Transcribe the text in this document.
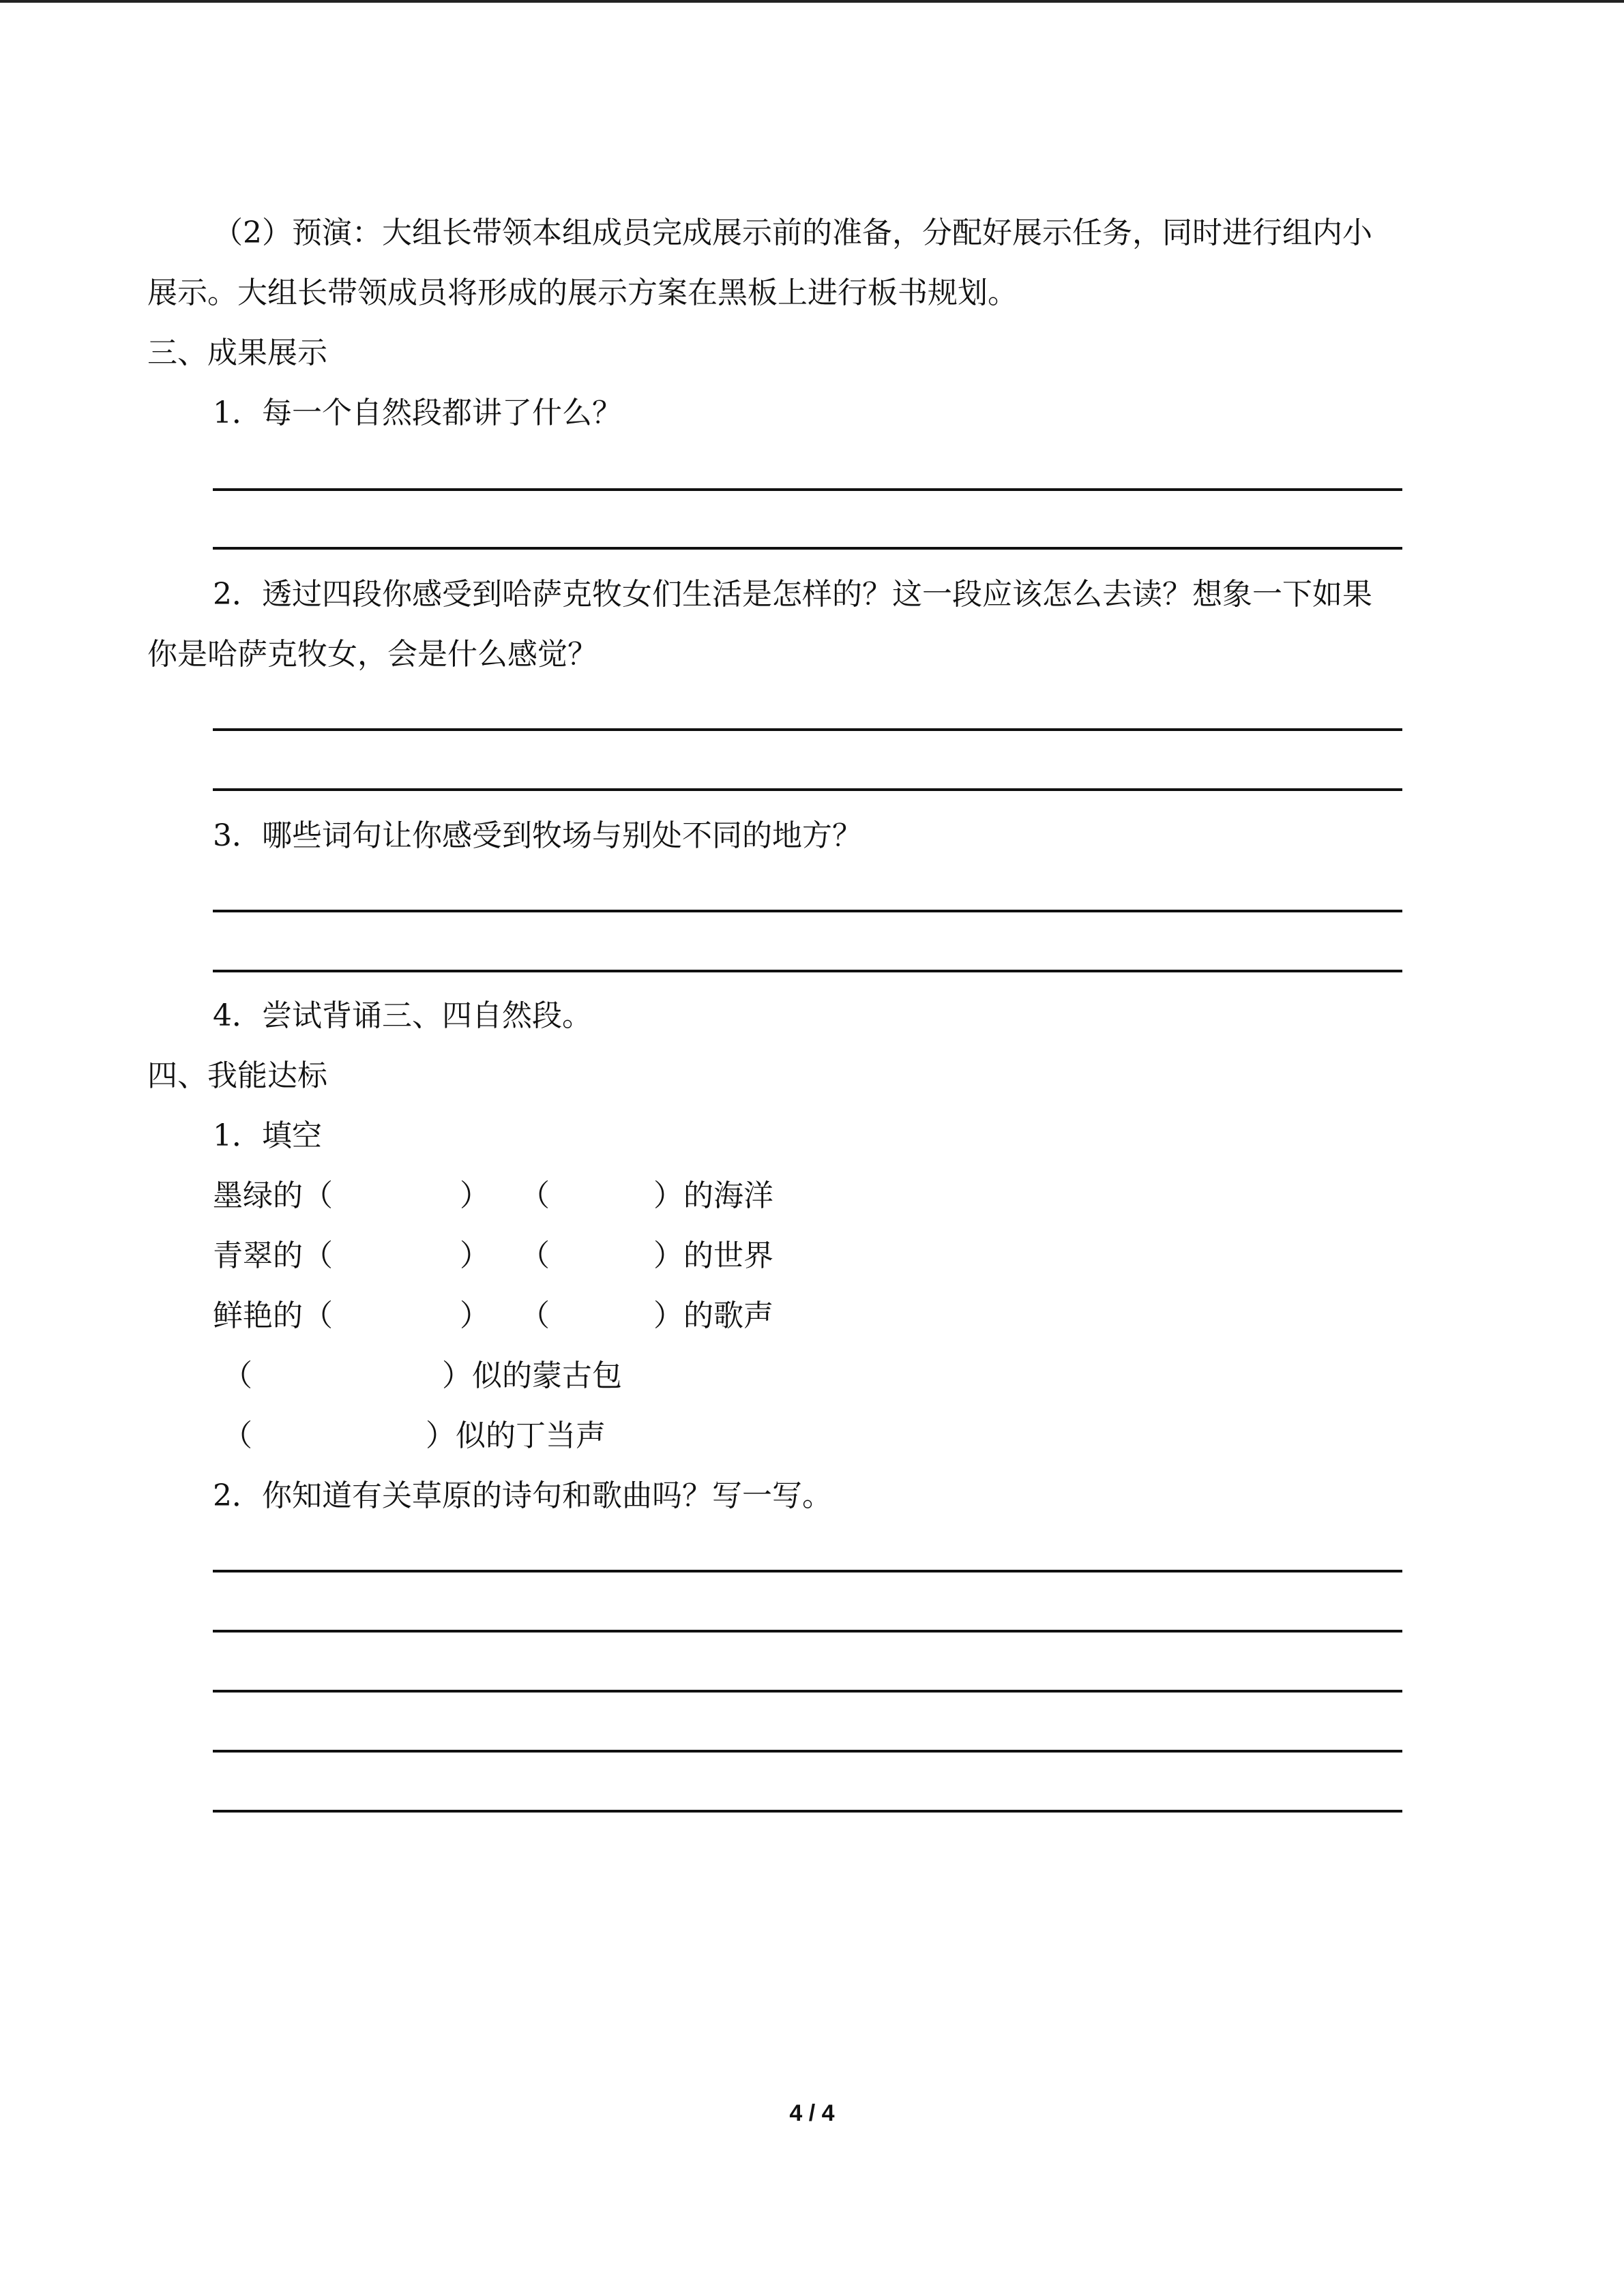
（2）预演：大组长带领本组成员完成展示前的准备，分配好展示任务，同时进行组内小
展示。大组长带领成员将形成的展示方案在黑板上进行板书规划。
三、成果展示
1．每一个自然段都讲了什么？
2．透过四段你感受到哈萨克牧女们生活是怎样的？这一段应该怎么去读？想象一下如果
你是哈萨克牧女，会是什么感觉？
3．哪些词句让你感受到牧场与别处不同的地方？
4．尝试背诵三、四自然段。
四、我能达标
1．填空
墨绿的（	） （	）的海洋
青翠的（	） （	）的世界
鲜艳的（	） （	）的歌声
（	）似的蒙古包
（	）似的丁当声
2．你知道有关草原的诗句和歌曲吗？写一写。
4 / 4
